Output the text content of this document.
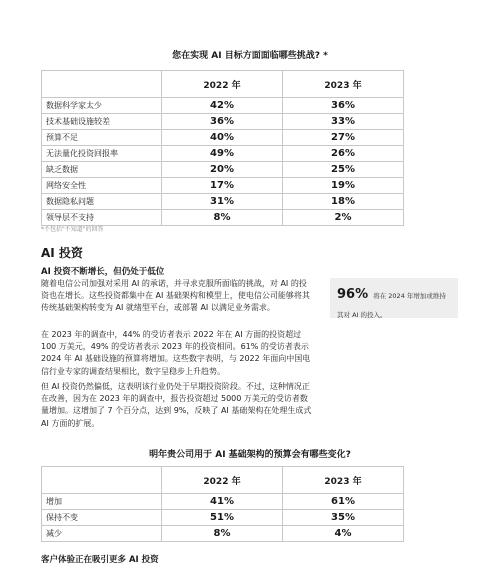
您在实现 AI 目标方面面临哪些挑战? *
	2022 年	2023 年
数据科学家太少	42%	36%
技术基础设施较差	36%	33%
预算不足	40%	27%
无法量化投资回报率	49%	26%
缺乏数据	20%	25%
网络安全性	17%	19%
数据隐私问题	31%	18%
领导层不支持	8%	2%
*不包括"不知道"的回答
AI 投资
AI 投资不断增长，但仍处于低位

随着电信公司加强对采用 AI 的承诺，并寻求克服所面临的挑战，对 AI 的投资也在增长。这些投资都集中在 AI 基础架构和模型上，使电信公司能够将其传统基础架构转变为 AI 就绪型平台，或部署 AI 以满足业务需求。

在 2023 年的调查中，44% 的受访者表示 2022 年在 AI 方面的投资超过 100 万美元，49% 的受访者表示 2023 年的投资相同。61% 的受访者表示 2024 年 AI 基础设施的预算将增加。这些数字表明，与 2022 年面向中国电信行业专家的调查结果相比，数字呈稳步上升趋势。

但 AI 投资仍然偏低，这表明该行业仍处于早期投资阶段。不过，这种情况正在改善，因为在 2023 年的调查中，报告投资超过 5000 万美元的受访者数量增加。这增加了 7 个百分点，达到 9%，反映了 AI 基础架构在处理生成式 AI 方面的扩展。

96% 将在 2024 年增加或维持其对 AI 的投入。
明年贵公司用于 AI 基础架构的预算会有哪些变化?
	2022 年	2023 年
增加	41%	61%
保持不变	51%	35%
减少	8%	4%
客户体验正在吸引更多 AI 投资
